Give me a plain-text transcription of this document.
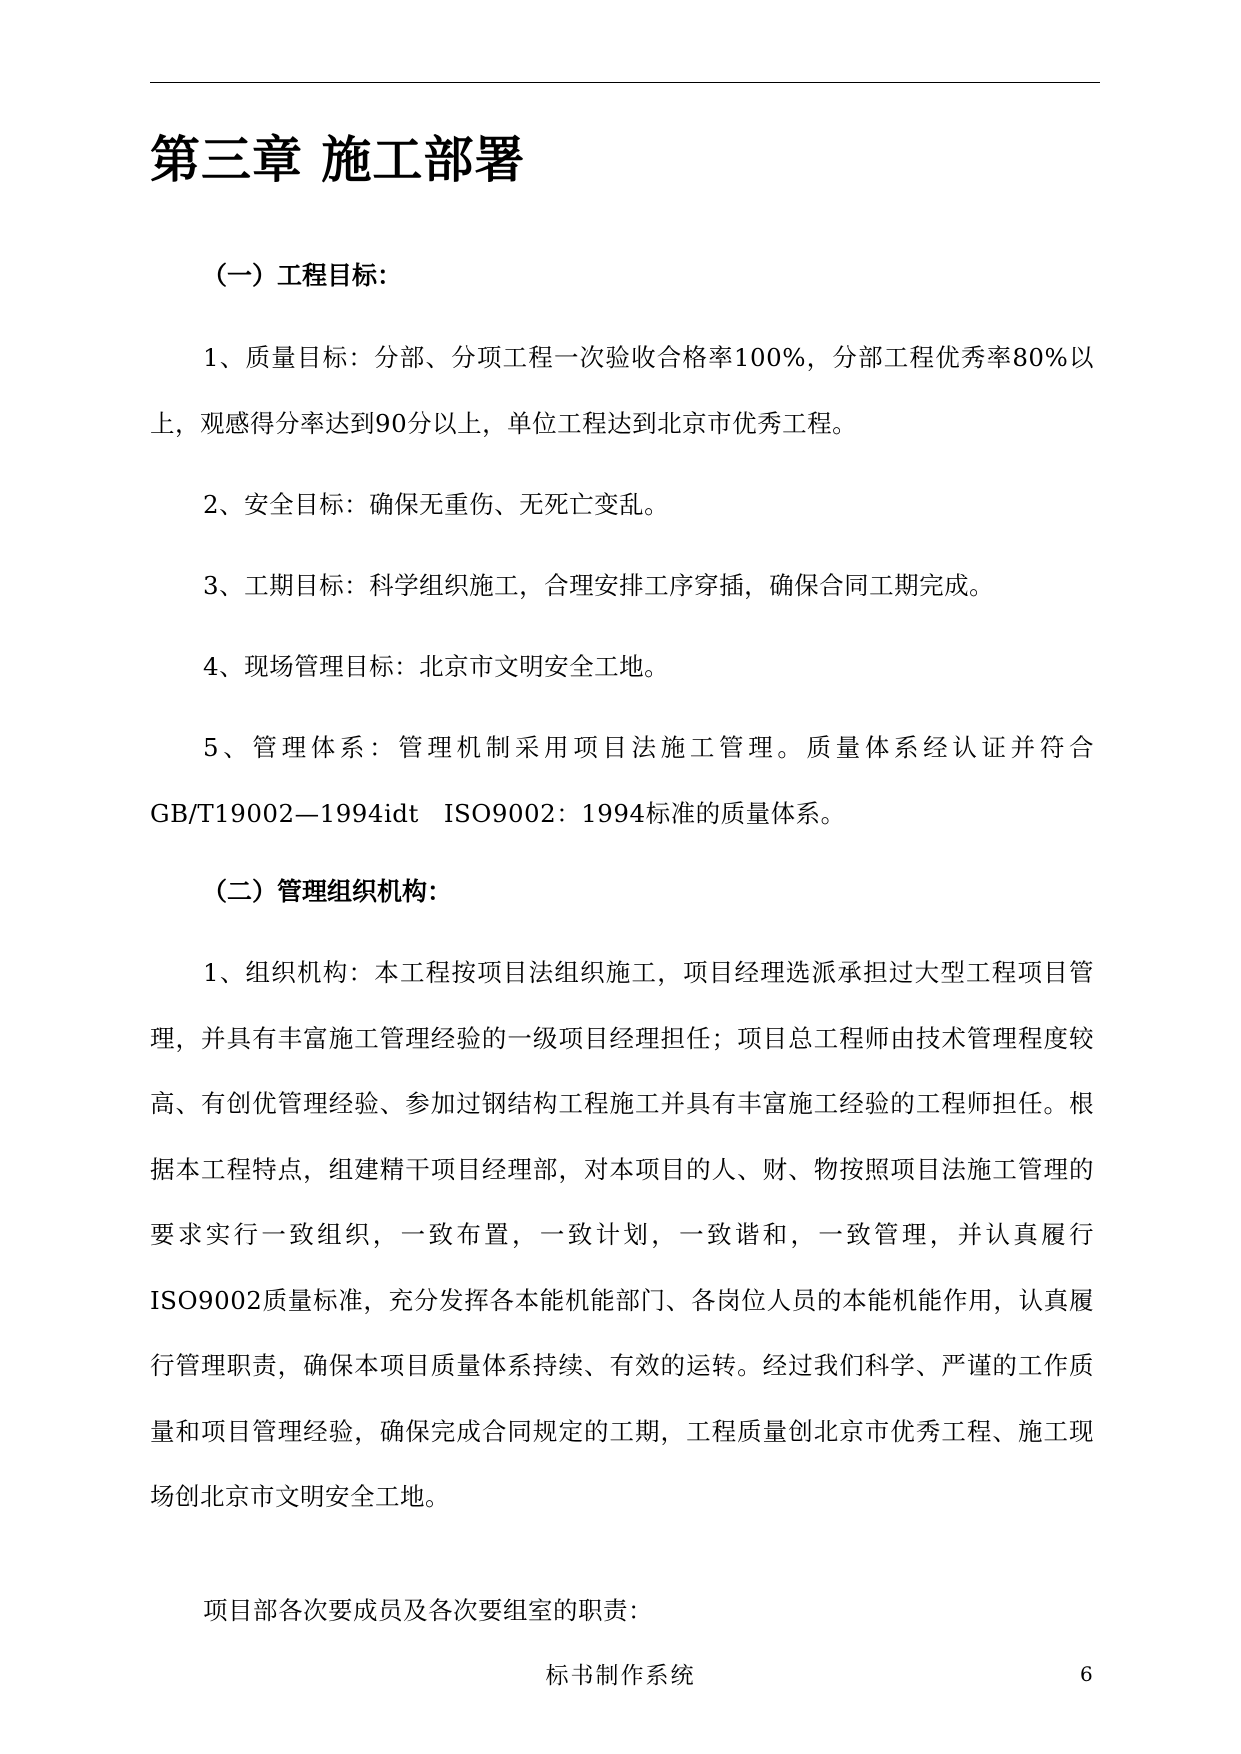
第三章 施工部署
（一）工程目标：

1、质量目标：分部、分项工程一次验收合格率100%，分部工程优秀率80%以上，观感得分率达到90分以上，单位工程达到北京市优秀工程。

2、安全目标：确保无重伤、无死亡变乱。

3、工期目标：科学组织施工，合理安排工序穿插，确保合同工期完成。

4、现场管理目标：北京市文明安全工地。

5、管理体系：管理机制采用项目法施工管理。质量体系经认证并符合GB/T19002—1994idt　ISO9002：1994标准的质量体系。

（二）管理组织机构：

1、组织机构：本工程按项目法组织施工，项目经理选派承担过大型工程项目管理，并具有丰富施工管理经验的一级项目经理担任；项目总工程师由技术管理程度较高、有创优管理经验、参加过钢结构工程施工并具有丰富施工经验的工程师担任。根据本工程特点，组建精干项目经理部，对本项目的人、财、物按照项目法施工管理的要求实行一致组织，一致布置，一致计划，一致谐和，一致管理，并认真履行ISO9002质量标准，充分发挥各本能机能部门、各岗位人员的本能机能作用，认真履行管理职责，确保本项目质量体系持续、有效的运转。经过我们科学、严谨的工作质量和项目管理经验，确保完成合同规定的工期，工程质量创北京市优秀工程、施工现场创北京市文明安全工地。

项目部各次要成员及各次要组室的职责：

标书制作系统	6
